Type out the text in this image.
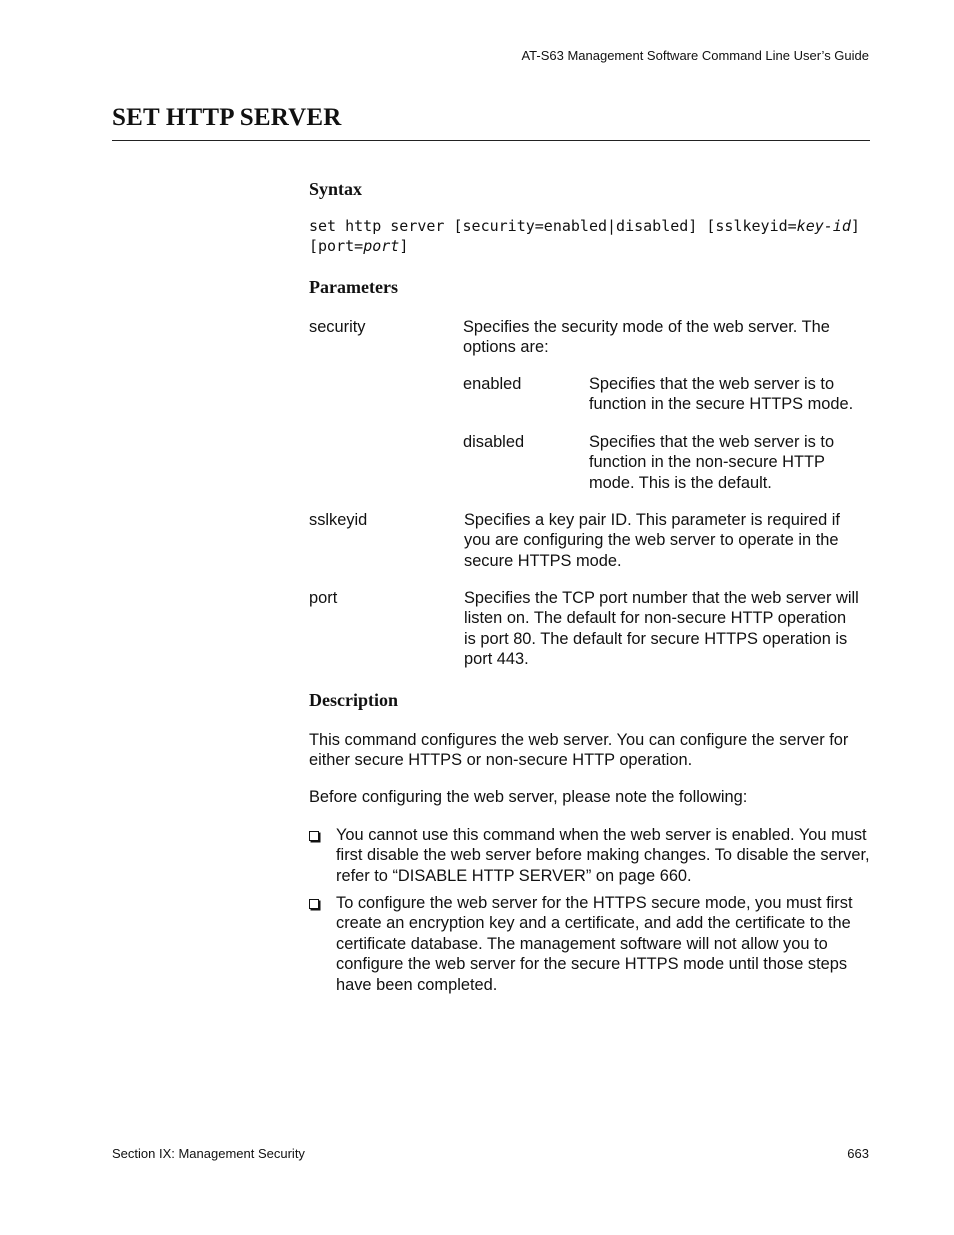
AT-S63 Management Software Command Line User’s Guide
SET HTTP SERVER
Syntax
set http server [security=enabled|disabled] [sslkeyid=key-id] [port=port]
Parameters
security	Specifies the security mode of the web server. The options are:
enabled	Specifies that the web server is to function in the secure HTTPS mode.
disabled	Specifies that the web server is to function in the non-secure HTTP mode. This is the default.
sslkeyid	Specifies a key pair ID. This parameter is required if you are configuring the web server to operate in the secure HTTPS mode.
port	Specifies the TCP port number that the web server will listen on. The default for non-secure HTTP operation is port 80. The default for secure HTTPS operation is port 443.
Description
This command configures the web server. You can configure the server for either secure HTTPS or non-secure HTTP operation.
Before configuring the web server, please note the following:
You cannot use this command when the web server is enabled. You must first disable the web server before making changes. To disable the server, refer to “DISABLE HTTP SERVER” on page 660.
To configure the web server for the HTTPS secure mode, you must first create an encryption key and a certificate, and add the certificate to the certificate database. The management software will not allow you to configure the web server for the secure HTTPS mode until those steps have been completed.
Section IX: Management Security	663
